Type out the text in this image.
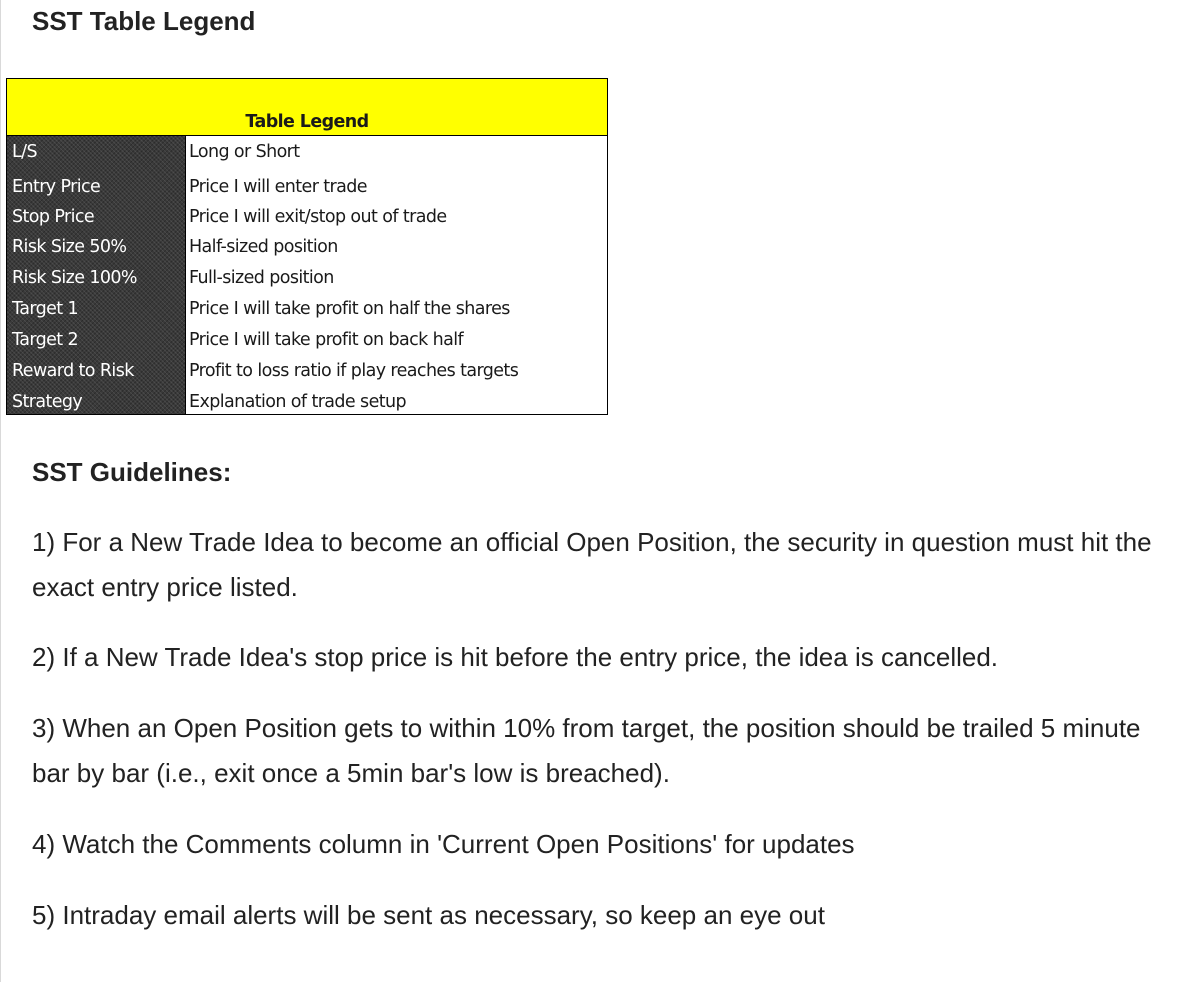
SST Table Legend
Table Legend
L/S	Long or Short
Entry Price	Price I will enter trade
Stop Price	Price I will exit/stop out of trade
Risk Size 50%	Half-sized position
Risk Size 100%	Full-sized position
Target 1	Price I will take profit on half the shares
Target 2	Price I will take profit on back half
Reward to Risk	Profit to loss ratio if play reaches targets
Strategy	Explanation of trade setup
SST Guidelines:

1) For a New Trade Idea to become an official Open Position, the security in question must hit the exact entry price listed.

2) If a New Trade Idea's stop price is hit before the entry price, the idea is cancelled.

3) When an Open Position gets to within 10% from target, the position should be trailed 5 minute bar by bar (i.e., exit once a 5min bar's low is breached).

4) Watch the Comments column in 'Current Open Positions' for updates

5) Intraday email alerts will be sent as necessary, so keep an eye out
